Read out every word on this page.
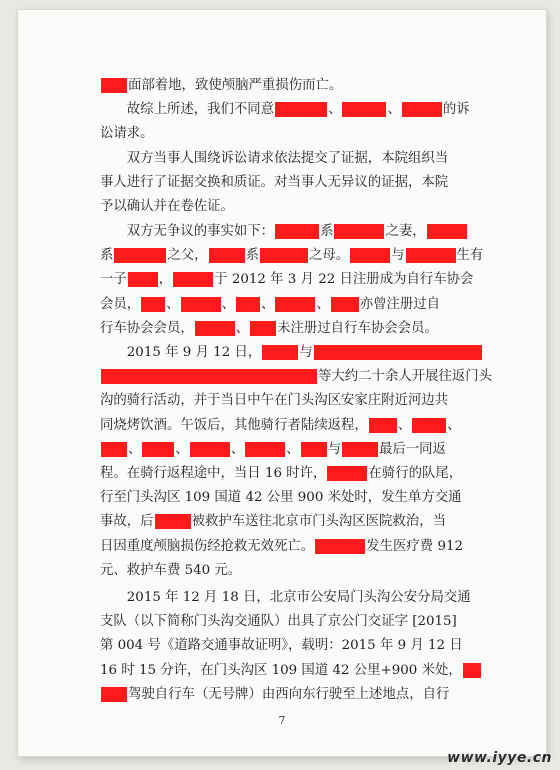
面部着地，致使颅脑严重损伤而亡。
　　故综上所述，我们不同意	、	、	的诉
讼请求。
　　双方当事人围绕诉讼请求依法提交了证据，本院组织当
事人进行了证据交换和质证。对当事人无异议的证据，本院
予以确认并在卷佐证。
　　双方无争议的事实如下：	系	之妻，
系	之父，	系	之母。	与	生有
一子 ，	于 2012 年 3 月 22 日注册成为自行车协会
会员， 、	、 、	、 亦曾注册过自
行车协会会员，	、 未注册过自行车协会会员。
　　2015 年 9 月 12 日，	与
等大约二十余人开展往返门头
沟的骑行活动，并于当日中午在门头沟区安家庄附近河边共
同烧烤饮酒。午饭后，其他骑行者陆续返程， 、	、
、	、	、	、 与	最后一同返
程。在骑行返程途中，当日 16 时许，	在骑行的队尾，
行至门头沟区 109 国道 42 公里 900 米处时，发生单方交通
事故，后	被救护车送往北京市门头沟区医院救治，当
日因重度颅脑损伤经抢救无效死亡。	发生医疗费 912
元、救护车费 540 元。
　　2015 年 12 月 18 日，北京市公安局门头沟公安分局交通
支队（以下简称门头沟交通队）出具了京公门交证字 [2015]
第 004 号《道路交通事故证明》，载明：2015 年 9 月 12 日
16 时 15 分许，在门头沟区 109 国道 42 公里+900 米处，
驾驶自行车（无号牌）由西向东行驶至上述地点，自行
7
www.iyye.cn
